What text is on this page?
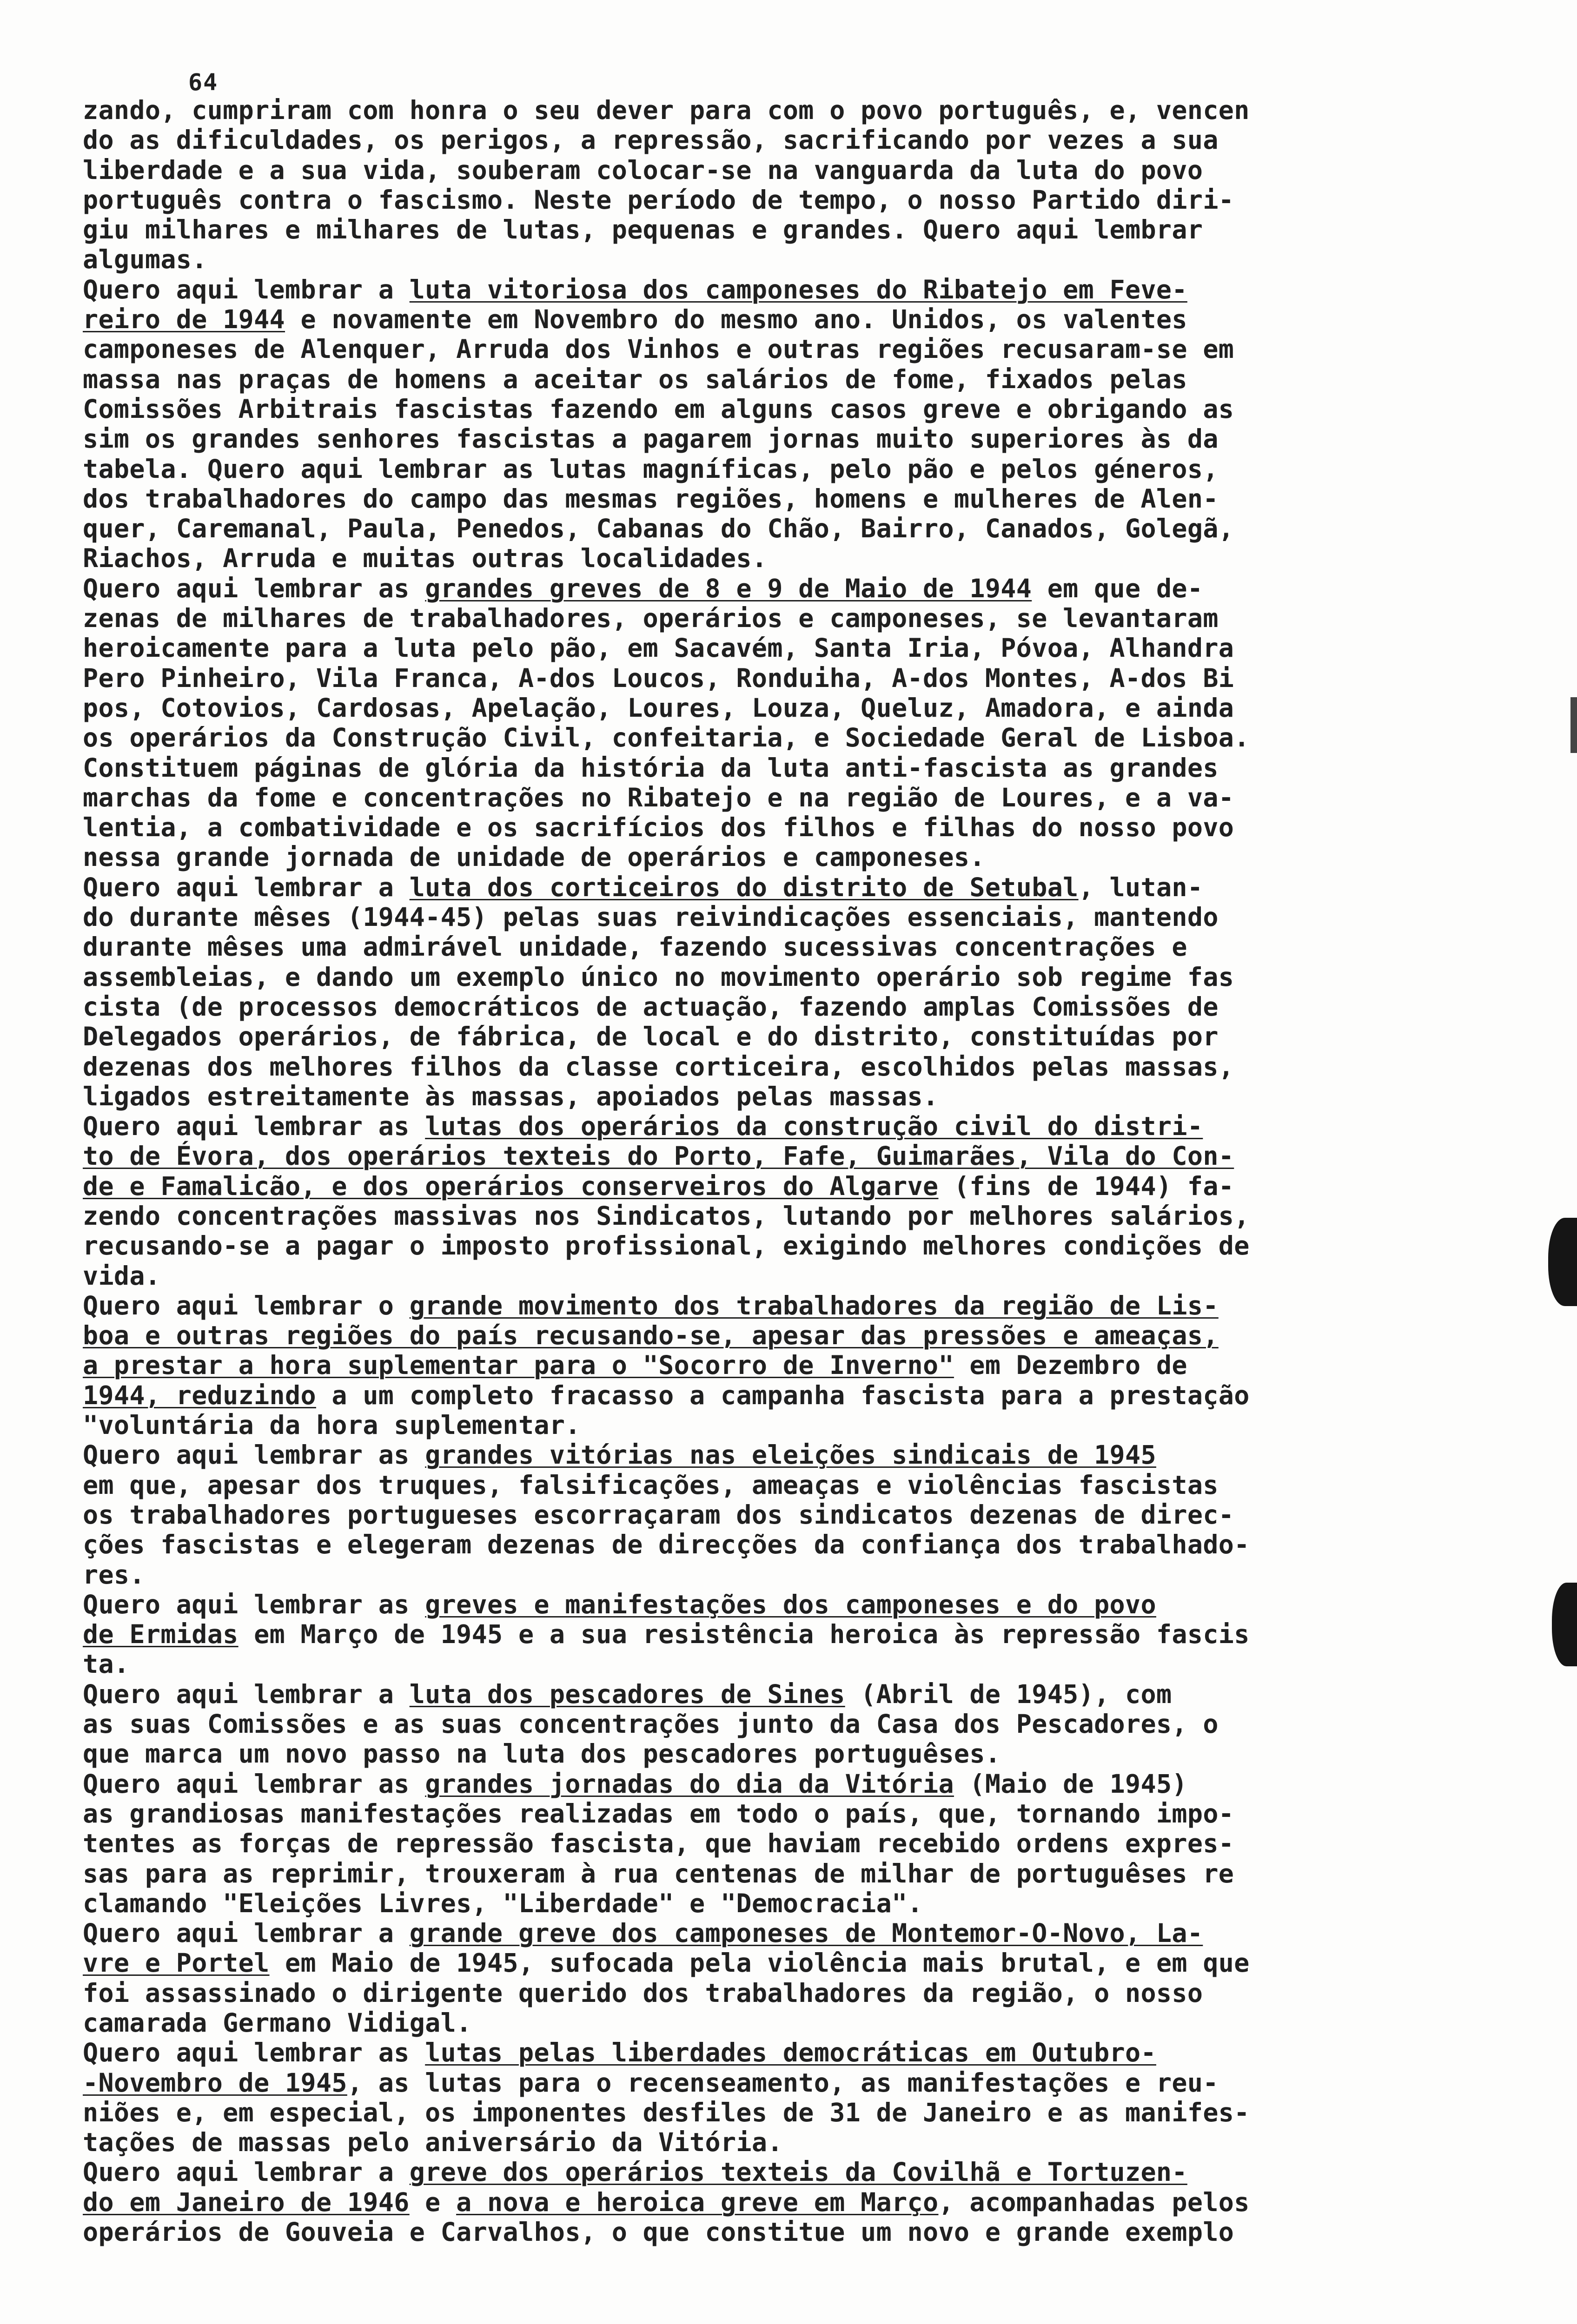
64
zando, cumpriram com honra o seu dever para com o povo português, e, vencen
do as dificuldades, os perigos, a repressão, sacrificando por vezes a sua
liberdade e a sua vida, souberam colocar-se na vanguarda da luta do povo
português contra o fascismo. Neste período de tempo, o nosso Partido diri-
giu milhares e milhares de lutas, pequenas e grandes. Quero aqui lembrar
algumas.
Quero aqui lembrar a luta vitoriosa dos camponeses do Ribatejo em Feve-
reiro de 1944 e novamente em Novembro do mesmo ano. Unidos, os valentes
camponeses de Alenquer, Arruda dos Vinhos e outras regiões recusaram-se em
massa nas praças de homens a aceitar os salários de fome, fixados pelas
Comissões Arbitrais fascistas fazendo em alguns casos greve e obrigando as
sim os grandes senhores fascistas a pagarem jornas muito superiores às da
tabela. Quero aqui lembrar as lutas magníficas, pelo pão e pelos géneros,
dos trabalhadores do campo das mesmas regiões, homens e mulheres de Alen-
quer, Caremanal, Paula, Penedos, Cabanas do Chão, Bairro, Canados, Golegã,
Riachos, Arruda e muitas outras localidades.
Quero aqui lembrar as grandes greves de 8 e 9 de Maio de 1944 em que de-
zenas de milhares de trabalhadores, operários e camponeses, se levantaram
heroicamente para a luta pelo pão, em Sacavém, Santa Iria, Póvoa, Alhandra
Pero Pinheiro, Vila Franca, A-dos Loucos, Ronduiha, A-dos Montes, A-dos Bi
pos, Cotovios, Cardosas, Apelação, Loures, Louza, Queluz, Amadora, e ainda
os operários da Construção Civil, confeitaria, e Sociedade Geral de Lisboa.
Constituem páginas de glória da história da luta anti-fascista as grandes
marchas da fome e concentrações no Ribatejo e na região de Loures, e a va-
lentia, a combatividade e os sacrifícios dos filhos e filhas do nosso povo
nessa grande jornada de unidade de operários e camponeses.
Quero aqui lembrar a luta dos corticeiros do distrito de Setubal, lutan-
do durante mêses (1944-45) pelas suas reivindicações essenciais, mantendo
durante mêses uma admirável unidade, fazendo sucessivas concentrações e
assembleias, e dando um exemplo único no movimento operário sob regime fas
cista (de processos democráticos de actuação, fazendo amplas Comissões de
Delegados operários, de fábrica, de local e do distrito, constituídas por
dezenas dos melhores filhos da classe corticeira, escolhidos pelas massas,
ligados estreitamente às massas, apoiados pelas massas.
Quero aqui lembrar as lutas dos operários da construção civil do distri-
to de Évora, dos operários texteis do Porto, Fafe, Guimarães, Vila do Con-
de e Famalicão, e dos operários conserveiros do Algarve (fins de 1944) fa-
zendo concentrações massivas nos Sindicatos, lutando por melhores salários,
recusando-se a pagar o imposto profissional, exigindo melhores condições de
vida.
Quero aqui lembrar o grande movimento dos trabalhadores da região de Lis-
boa e outras regiões do país recusando-se, apesar das pressões e ameaças,
a prestar a hora suplementar para o "Socorro de Inverno" em Dezembro de
1944, reduzindo a um completo fracasso a campanha fascista para a prestação
"voluntária da hora suplementar.
Quero aqui lembrar as grandes vitórias nas eleições sindicais de 1945
em que, apesar dos truques, falsificações, ameaças e violências fascistas
os trabalhadores portugueses escorraçaram dos sindicatos dezenas de direc-
ções fascistas e elegeram dezenas de direcções da confiança dos trabalhado-
res.
Quero aqui lembrar as greves e manifestações dos camponeses e do povo
de Ermidas em Março de 1945 e a sua resistência heroica às repressão fascis
ta.
Quero aqui lembrar a luta dos pescadores de Sines (Abril de 1945), com
as suas Comissões e as suas concentrações junto da Casa dos Pescadores, o
que marca um novo passo na luta dos pescadores portuguêses.
Quero aqui lembrar as grandes jornadas do dia da Vitória (Maio de 1945)
as grandiosas manifestações realizadas em todo o país, que, tornando impo-
tentes as forças de repressão fascista, que haviam recebido ordens expres-
sas para as reprimir, trouxeram à rua centenas de milhar de portuguêses re
clamando "Eleições Livres, "Liberdade" e "Democracia".
Quero aqui lembrar a grande greve dos camponeses de Montemor-O-Novo, La-
vre e Portel em Maio de 1945, sufocada pela violência mais brutal, e em que
foi assassinado o dirigente querido dos trabalhadores da região, o nosso
camarada Germano Vidigal.
Quero aqui lembrar as lutas pelas liberdades democráticas em Outubro-
-Novembro de 1945, as lutas para o recenseamento, as manifestações e reu-
niões e, em especial, os imponentes desfiles de 31 de Janeiro e as manifes-
tações de massas pelo aniversário da Vitória.
Quero aqui lembrar a greve dos operários texteis da Covilhã e Tortuzen-
do em Janeiro de 1946 e a nova e heroica greve em Março, acompanhadas pelos
operários de Gouveia e Carvalhos, o que constitue um novo e grande exemplo
